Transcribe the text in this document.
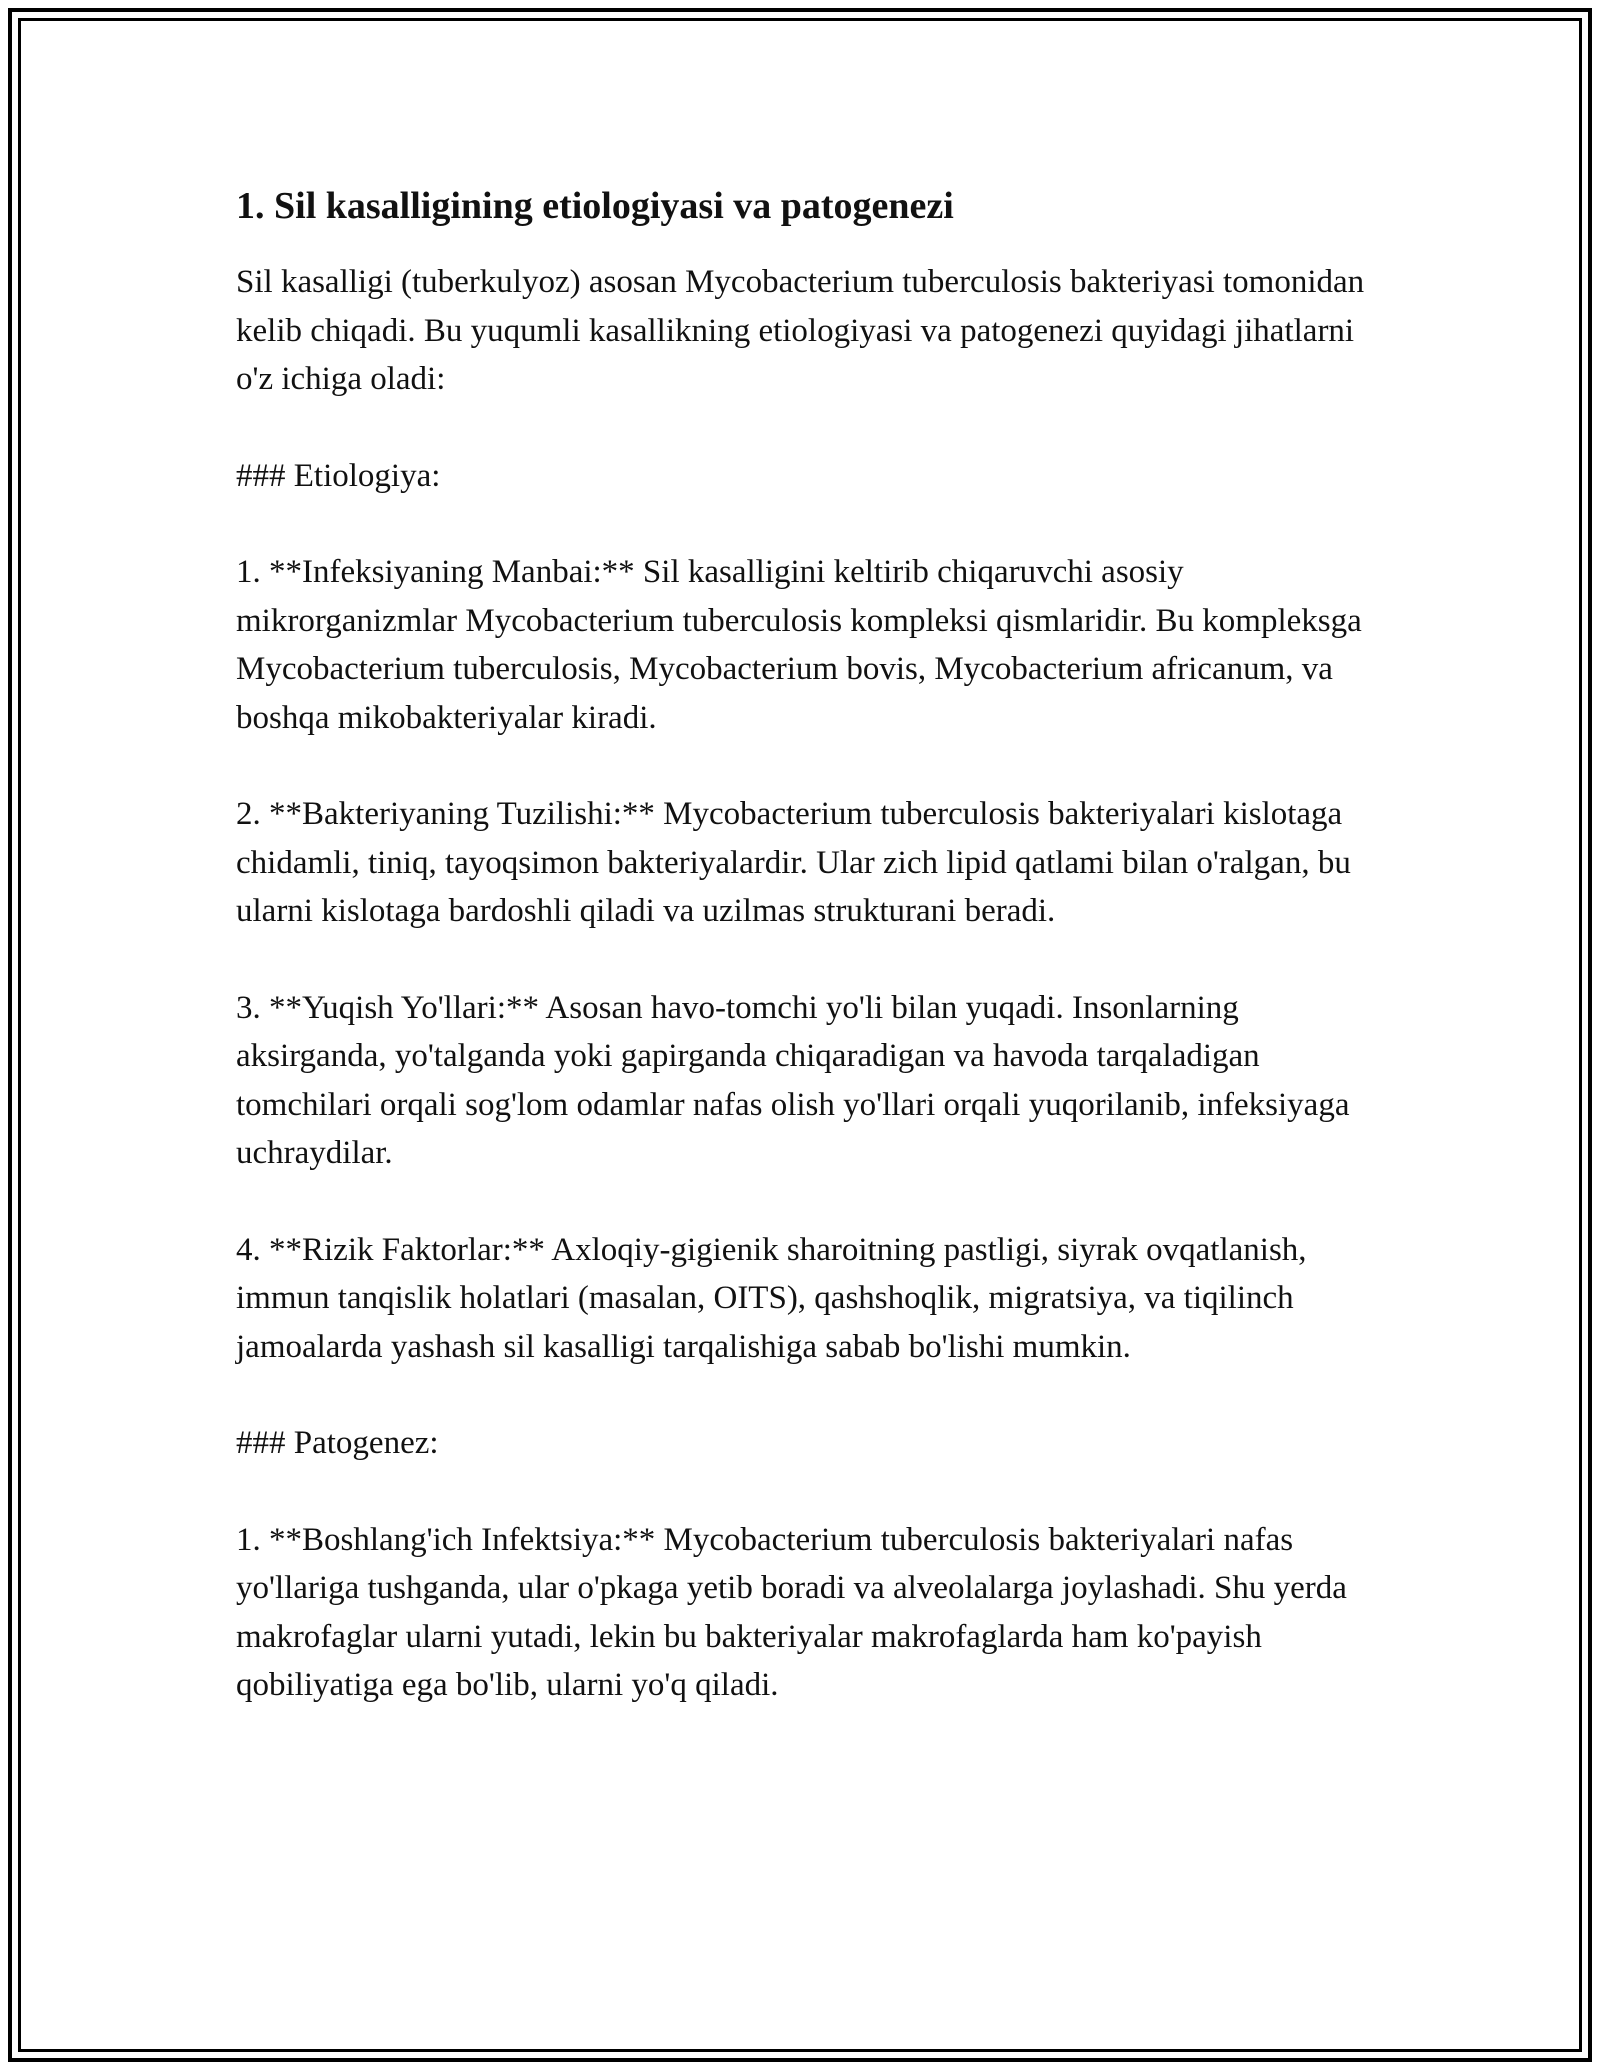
1. Sil kasalligining etiologiyasi va patogenezi

Sil kasalligi (tuberkulyoz) asosan Mycobacterium tuberculosis bakteriyasi tomonidan kelib chiqadi. Bu yuqumli kasallikning etiologiyasi va patogenezi quyidagi jihatlarni o'z ichiga oladi:

### Etiologiya:

1. **Infeksiyaning Manbai:** Sil kasalligini keltirib chiqaruvchi asosiy mikrorganizmlar Mycobacterium tuberculosis kompleksi qismlaridir. Bu kompleksga Mycobacterium tuberculosis, Mycobacterium bovis, Mycobacterium africanum, va boshqa mikobakteriyalar kiradi.

2. **Bakteriyaning Tuzilishi:** Mycobacterium tuberculosis bakteriyalari kislotaga chidamli, tiniq, tayoqsimon bakteriyalardir. Ular zich lipid qatlami bilan o'ralgan, bu ularni kislotaga bardoshli qiladi va uzilmas strukturani beradi.

3. **Yuqish Yo'llari:** Asosan havo-tomchi yo'li bilan yuqadi. Insonlarning aksirganda, yo'talganda yoki gapirganda chiqaradigan va havoda tarqaladigan tomchilari orqali sog'lom odamlar nafas olish yo'llari orqali yuqorilanib, infeksiyaga uchraydilar.

4. **Rizik Faktorlar:** Axloqiy-gigienik sharoitning pastligi, siyrak ovqatlanish, immun tanqislik holatlari (masalan, OITS), qashshoqlik, migratsiya, va tiqilinch jamoalarda yashash sil kasalligi tarqalishiga sabab bo'lishi mumkin.

### Patogenez:

1. **Boshlang'ich Infektsiya:** Mycobacterium tuberculosis bakteriyalari nafas yo'llariga tushganda, ular o'pkaga yetib boradi va alveolalarga joylashadi. Shu yerda makrofaglar ularni yutadi, lekin bu bakteriyalar makrofaglarda ham ko'payish qobiliyatiga ega bo'lib, ularni yo'q qiladi.
